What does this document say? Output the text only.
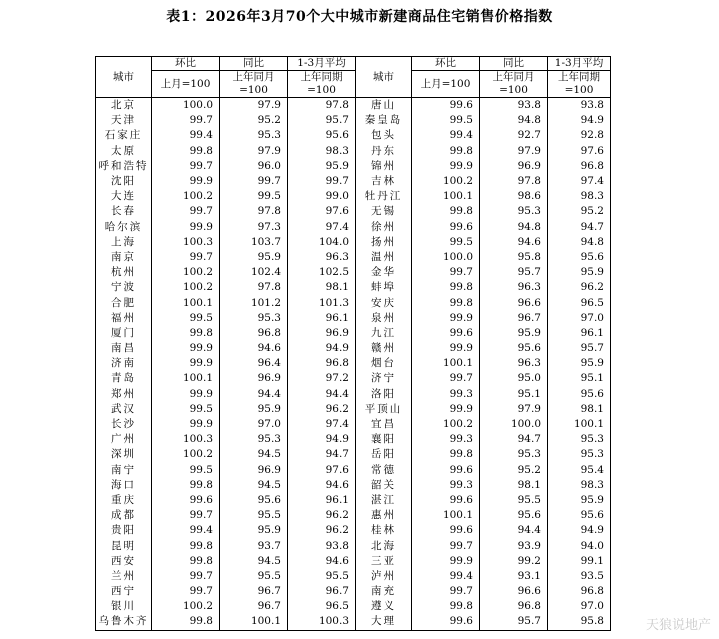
表1：2026年3月70个大中城市新建商品住宅销售价格指数
城市	环比	同比	1-3月平均	城市	环比	同比	1-3月平均
	上月=100	上年同月=100	上年同期=100		上月=100	上年同月=100	上年同期=100
北京	100.0	97.9	97.8	唐山	99.6	93.8	93.8
天津	99.7	95.2	95.7	秦皇岛	99.5	94.8	94.9
石家庄	99.4	95.3	95.6	包头	99.4	92.7	92.8
太原	99.8	97.9	98.3	丹东	99.8	97.9	97.6
呼和浩特	99.7	96.0	95.9	锦州	99.9	96.9	96.8
沈阳	99.9	99.7	99.7	吉林	100.2	97.8	97.4
大连	100.2	99.5	99.0	牡丹江	100.1	98.6	98.3
长春	99.7	97.8	97.6	无锡	99.8	95.3	95.2
哈尔滨	99.9	97.3	97.4	徐州	99.6	94.8	94.7
上海	100.3	103.7	104.0	扬州	99.5	94.6	94.8
南京	99.7	95.9	96.3	温州	100.0	95.8	95.6
杭州	100.2	102.4	102.5	金华	99.7	95.7	95.9
宁波	100.2	97.8	98.1	蚌埠	99.8	96.3	96.2
合肥	100.1	101.2	101.3	安庆	99.8	96.6	96.5
福州	99.5	95.3	96.1	泉州	99.9	96.7	97.0
厦门	99.8	96.8	96.9	九江	99.6	95.9	96.1
南昌	99.9	94.6	94.9	赣州	99.9	95.6	95.7
济南	99.9	96.4	96.8	烟台	100.1	96.3	95.9
青岛	100.1	96.9	97.2	济宁	99.7	95.0	95.1
郑州	99.9	94.4	94.4	洛阳	99.3	95.1	95.6
武汉	99.5	95.9	96.2	平顶山	99.9	97.9	98.1
长沙	99.9	97.0	97.4	宜昌	100.2	100.0	100.1
广州	100.3	95.3	94.9	襄阳	99.3	94.7	95.3
深圳	100.2	94.5	94.7	岳阳	99.8	95.3	95.3
南宁	99.5	96.9	97.6	常德	99.6	95.2	95.4
海口	99.8	94.5	94.6	韶关	99.3	98.1	98.3
重庆	99.6	95.6	96.1	湛江	99.6	95.5	95.9
成都	99.7	95.5	96.2	惠州	100.1	95.6	95.6
贵阳	99.4	95.9	96.2	桂林	99.6	94.4	94.9
昆明	99.8	93.7	93.8	北海	99.7	93.9	94.0
西安	99.8	94.5	94.6	三亚	99.9	99.2	99.1
兰州	99.7	95.5	95.5	泸州	99.4	93.1	93.5
西宁	99.7	96.7	96.7	南充	99.7	96.6	96.8
银川	100.2	96.7	96.5	遵义	99.8	96.8	97.0
乌鲁木齐	99.8	100.1	100.3	大理	99.6	95.7	95.8	天狼说地产
